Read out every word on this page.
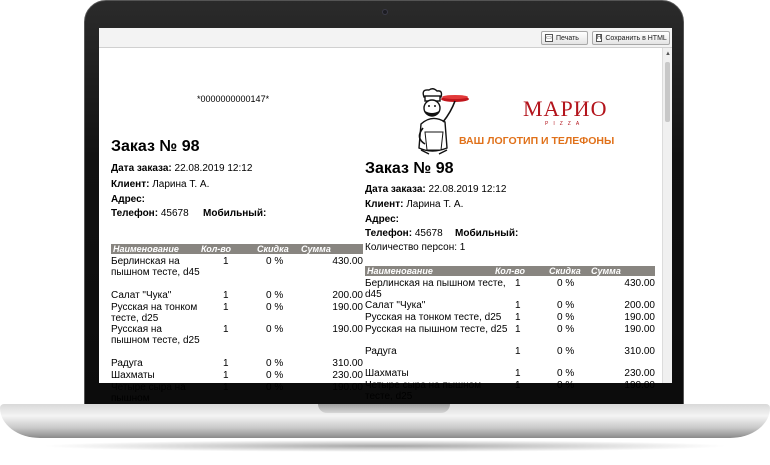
▭ Печать	H Сохранить в HTML
*0000000000147*
Заказ № 98
Дата заказа: 22.08.2019 12:12
Клиент: Ларина Т. А.
Адрес:
Телефон: 45678 Мобильный:
Наименование Кол-во	Скидка Сумма
Берлинская на пышном тесте, d45
1	0 %	430.00
Салат "Чука"	1	0 %	200.00
Русская на тонком тесте, d25
1	0 %	190.00
Русская на пышном тесте, d25
1	0 %	190.00
Радуга	1	0 %	310.00
Шахматы	1	0 %	230.00
Четыре сыра на пышном
1	0 %	190.00
МАРИО
PIZZA
ВАШ ЛОГОТИП И ТЕЛЕФОНЫ
Заказ № 98
Дата заказа: 22.08.2019 12:12
Клиент: Ларина Т. А.
Адрес:
Телефон: 45678 Мобильный:
Количество персон: 1
Наименование	Кол-во	Скидка Сумма
Берлинская на пышном тесте, d45
1	0 %	430.00
Салат "Чука"	1	0 %	200.00
Русская на тонком тесте, d25	1	0 %	190.00
Русская на пышном тесте, d25 1	0 %	190.00
Радуга	1	0 %	310.00
Шахматы	1	0 %	230.00
Четыре сыра на пышном тесте, d25
1	0 %	190.00
▲
